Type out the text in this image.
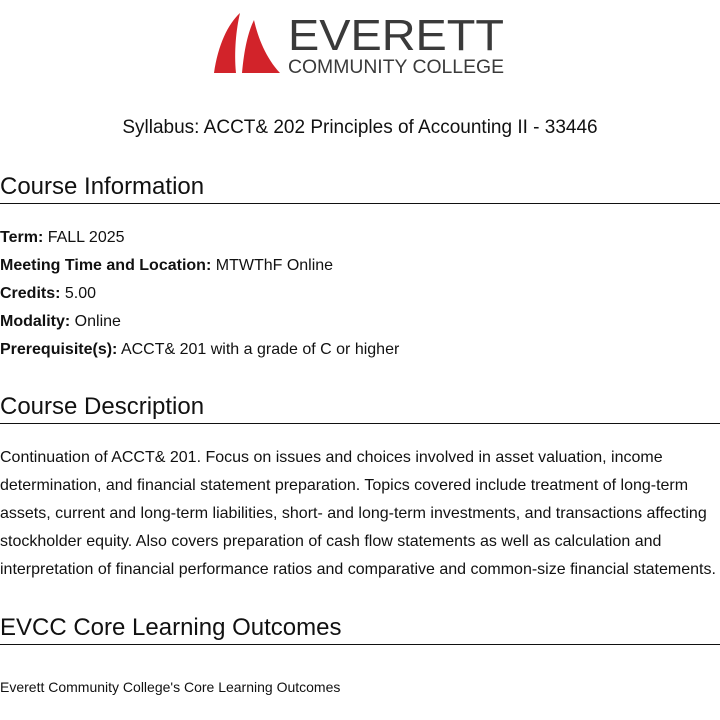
EVERETT
COMMUNITY COLLEGE
Syllabus: ACCT& 202 Principles of Accounting II - 33446
Course Information
Term: FALL 2025
Meeting Time and Location: MTWThF Online
Credits: 5.00
Modality: Online
Prerequisite(s): ACCT& 201 with a grade of C or higher
Course Description
Continuation of ACCT& 201. Focus on issues and choices involved in asset valuation, income determination, and financial statement preparation. Topics covered include treatment of long-term assets, current and long-term liabilities, short- and long-term investments, and transactions affecting stockholder equity. Also covers preparation of cash flow statements as well as calculation and interpretation of financial performance ratios and comparative and common-size financial statements.
EVCC Core Learning Outcomes
Everett Community College's Core Learning Outcomes
